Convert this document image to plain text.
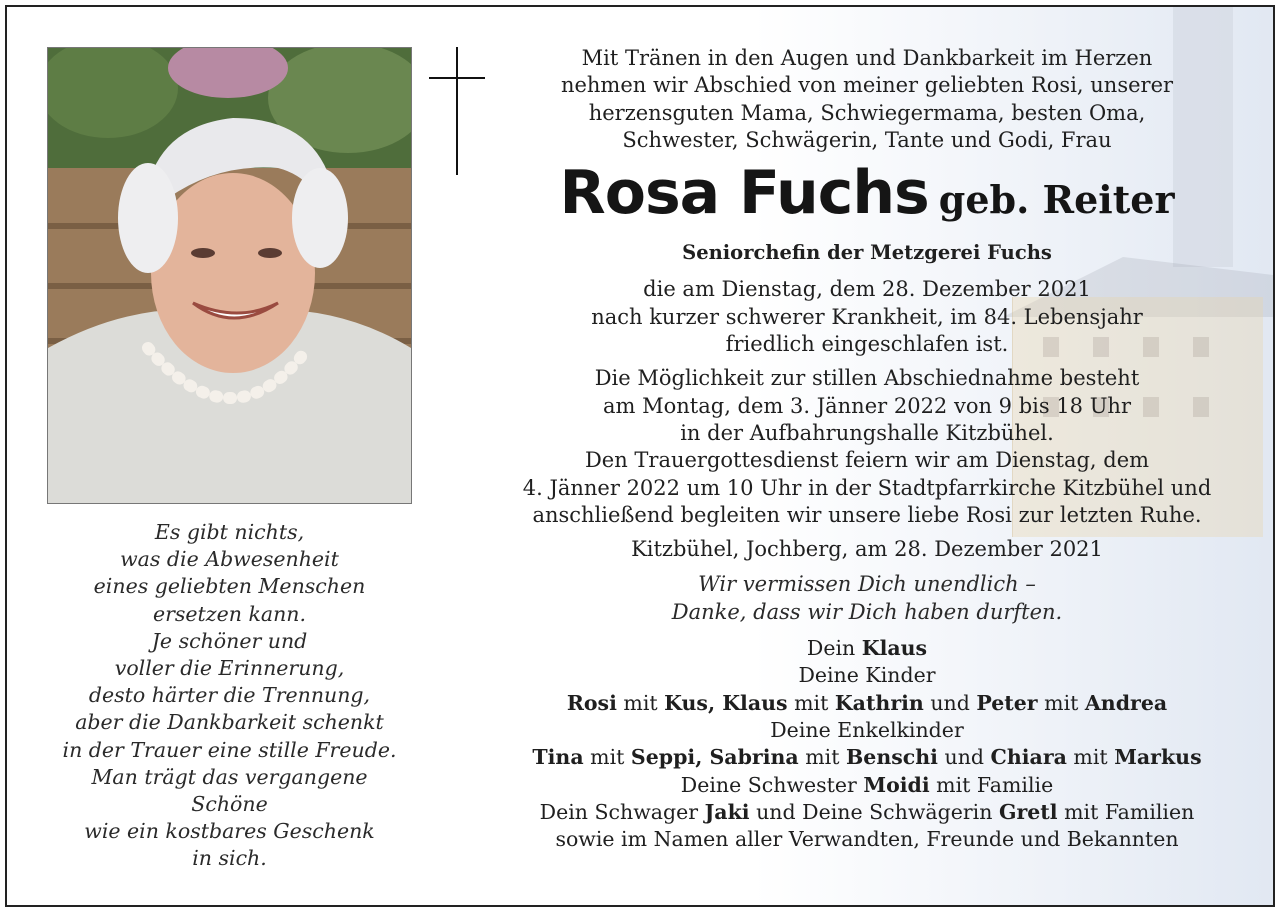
Es gibt nichts,
was die Abwesenheit
eines geliebten Menschen
ersetzen kann.
Je schöner und
voller die Erinnerung,
desto härter die Trennung,
aber die Dankbarkeit schenkt
in der Trauer eine stille Freude.
Man trägt das vergangene
Schöne
wie ein kostbares Geschenk
in sich.
Mit Tränen in den Augen und Dankbarkeit im Herzen
nehmen wir Abschied von meiner geliebten Rosi, unserer
herzensguten Mama, Schwiegermama, besten Oma,
Schwester, Schwägerin, Tante und Godi, Frau
Rosa Fuchs geb. Reiter
Seniorchefin der Metzgerei Fuchs
die am Dienstag, dem 28. Dezember 2021
nach kurzer schwerer Krankheit, im 84. Lebensjahr
friedlich eingeschlafen ist.
Die Möglichkeit zur stillen Abschiednahme besteht
am Montag, dem 3. Jänner 2022 von 9 bis 18 Uhr
in der Aufbahrungshalle Kitzbühel.
Den Trauergottesdienst feiern wir am Dienstag, dem
4. Jänner 2022 um 10 Uhr in der Stadtpfarrkirche Kitzbühel und
anschließend begleiten wir unsere liebe Rosi zur letzten Ruhe.
Kitzbühel, Jochberg, am 28. Dezember 2021
Wir vermissen Dich unendlich –
Danke, dass wir Dich haben durften.
Dein Klaus
Deine Kinder
Rosi mit Kus, Klaus mit Kathrin und Peter mit Andrea
Deine Enkelkinder
Tina mit Seppi, Sabrina mit Benschi und Chiara mit Markus
Deine Schwester Moidi mit Familie
Dein Schwager Jaki und Deine Schwägerin Gretl mit Familien
sowie im Namen aller Verwandten, Freunde und Bekannten
